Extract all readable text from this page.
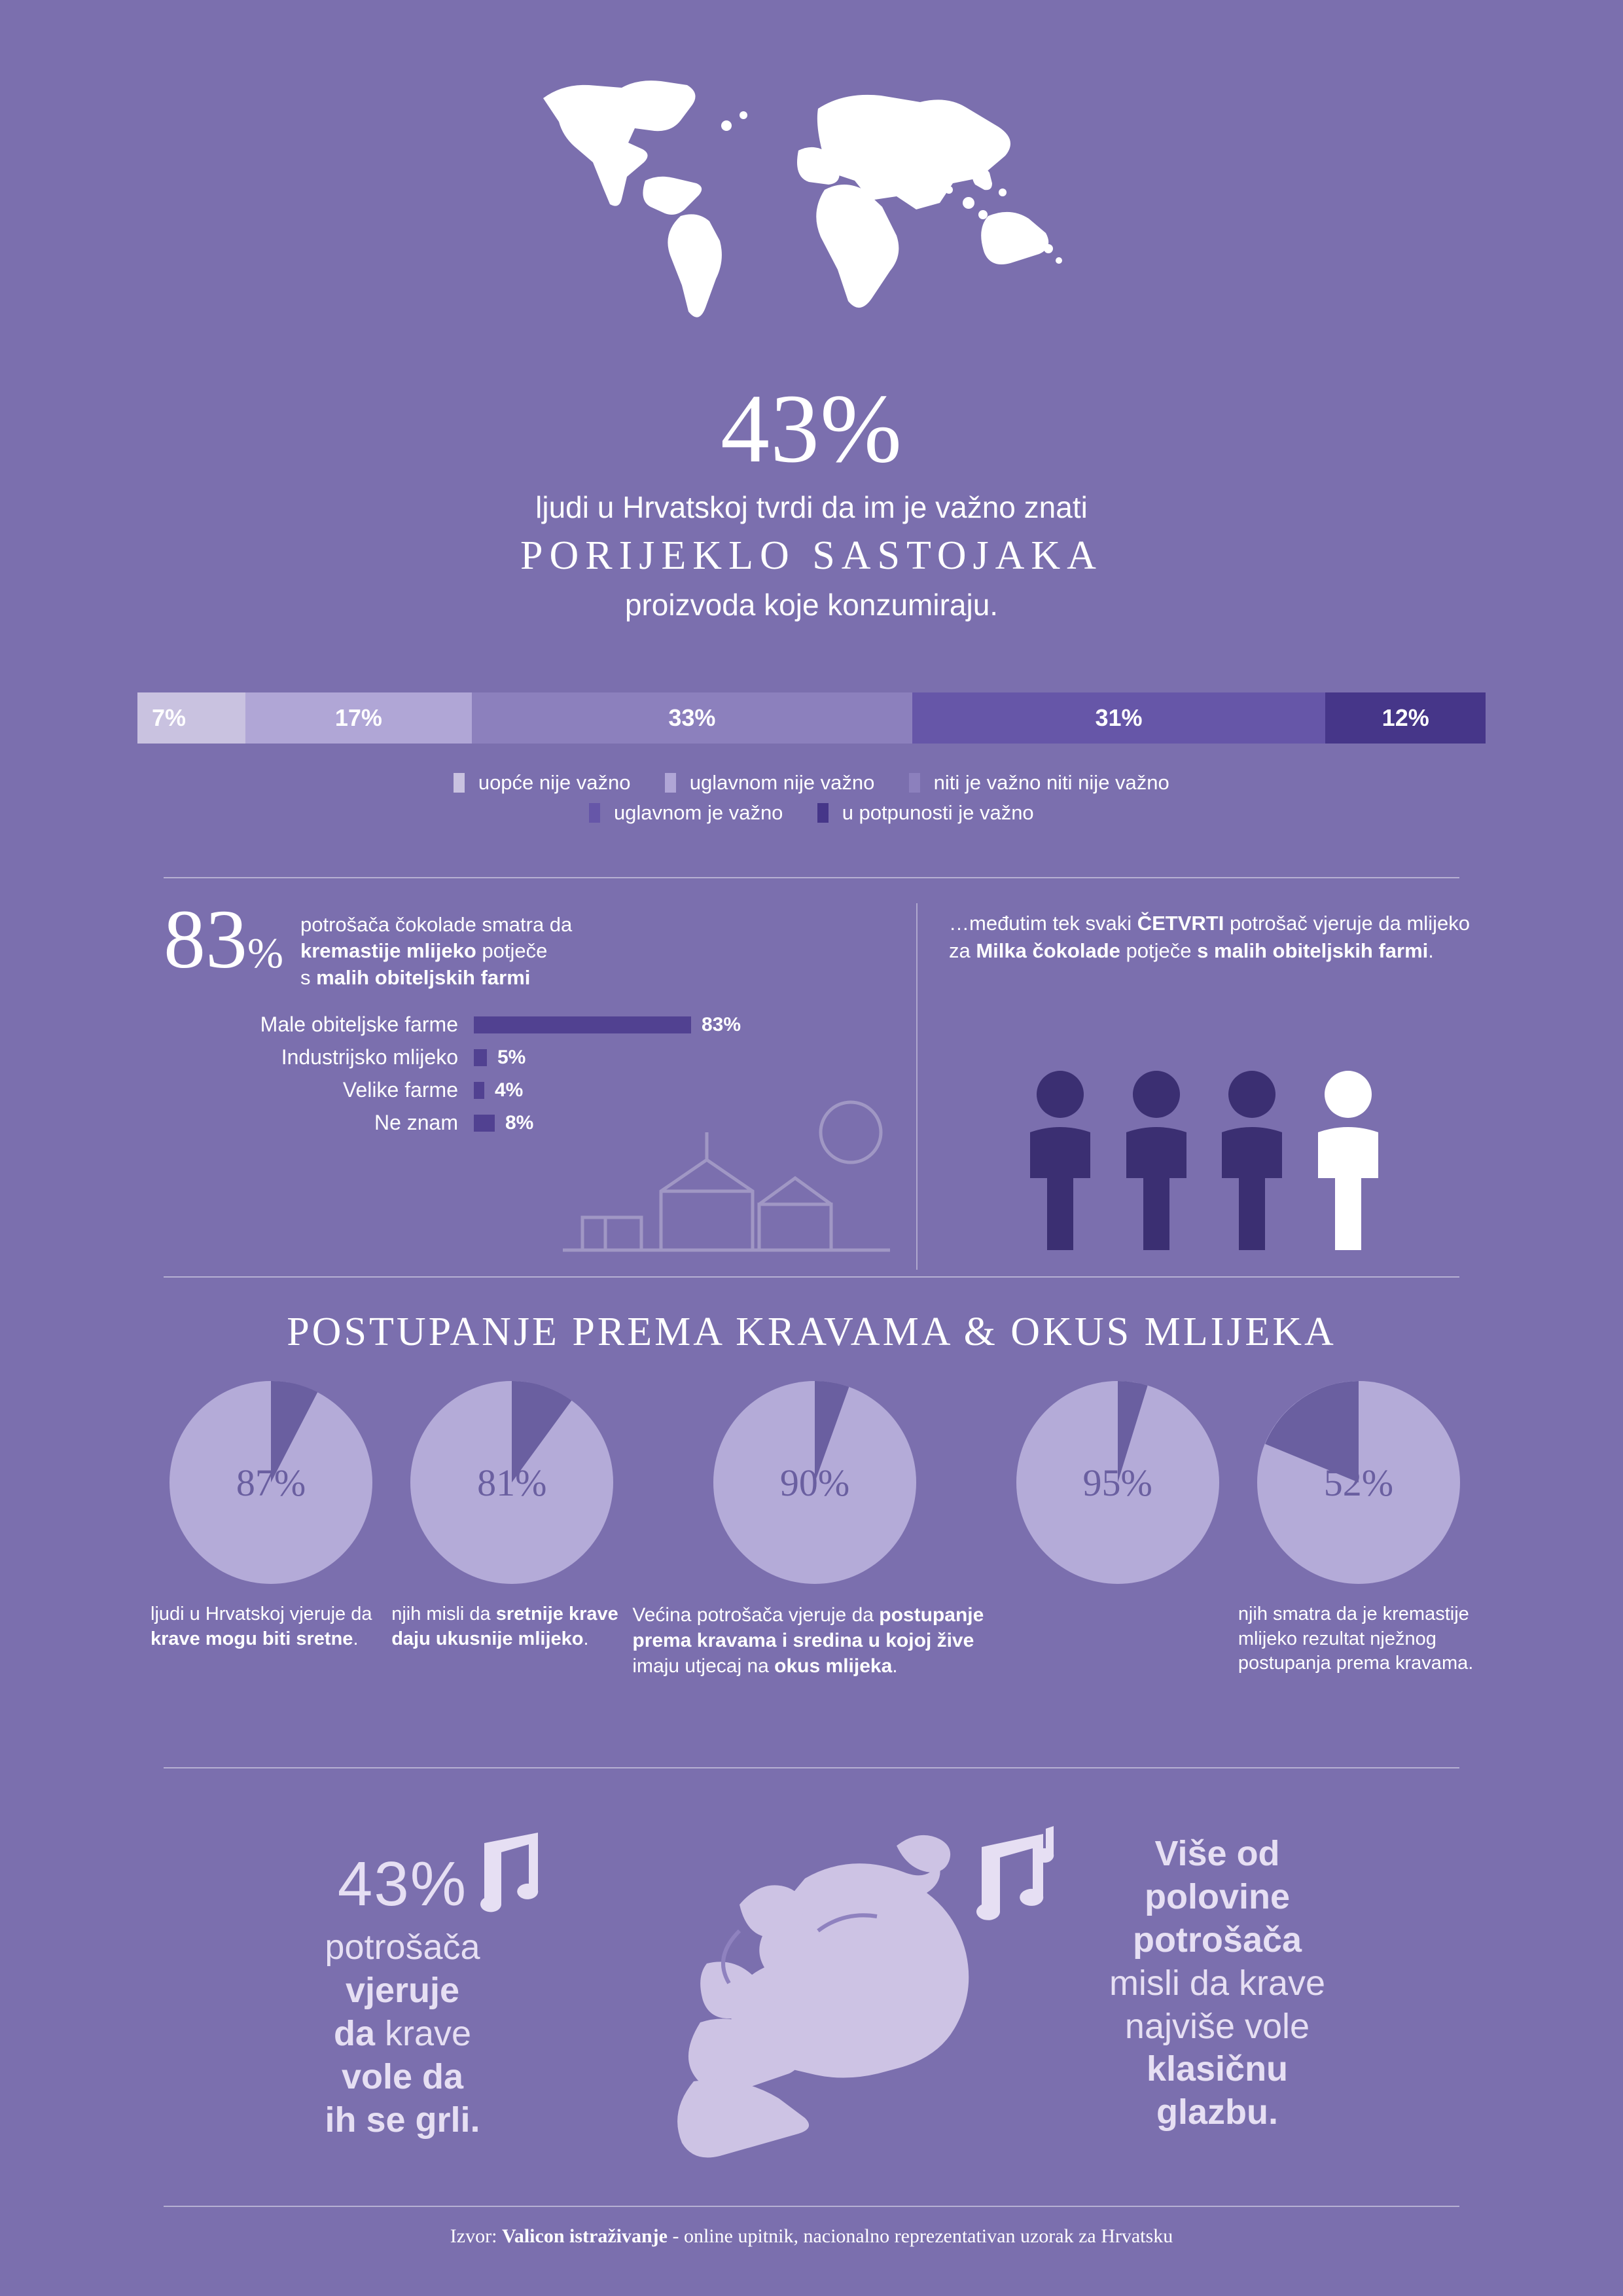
43%
ljudi u Hrvatskoj tvrdi da im je važno znati
PORIJEKLO SASTOJAKA
proizvoda koje konzumiraju.
7%	17%	33%	31%	12%
uopće nije važno	uglavnom nije važno	niti je važno niti nije važno
uglavnom je važno	u potpunosti je važno
83%
potrošača čokolade smatra da
kremastije mlijeko potječe
s malih obiteljskih farmi
Male obiteljske farme	83%
Industrijsko mlijeko	5%
Velike farme	4%
Ne znam	8%

…međutim tek svaki ČETVRTI potrošač vjeruje da mlijeko za Milka čokolade potječe s malih obiteljskih farmi.

POSTUPANJE PREMA KRAVAMA & OKUS MLIJEKA
87%
ljudi u Hrvatskoj vjeruje da krave mogu biti sretne.
81%
njih misli da sretnije krave daju ukusnije mlijeko.
90%
Većina potrošača vjeruje da postupanje prema kravama i sredina u kojoj žive imaju utjecaj na okus mlijeka.
95%	52%
njih smatra da je kremastije mlijeko rezultat nježnog postupanja prema kravama.
43%
potrošača
vjeruje
da krave
vole da
ih se grli.
Više od
polovine
potrošača
misli da krave
najviše vole
klasičnu
glazbu.
Izvor: Valicon istraživanje - online upitnik, nacionalno reprezentativan uzorak za Hrvatsku
